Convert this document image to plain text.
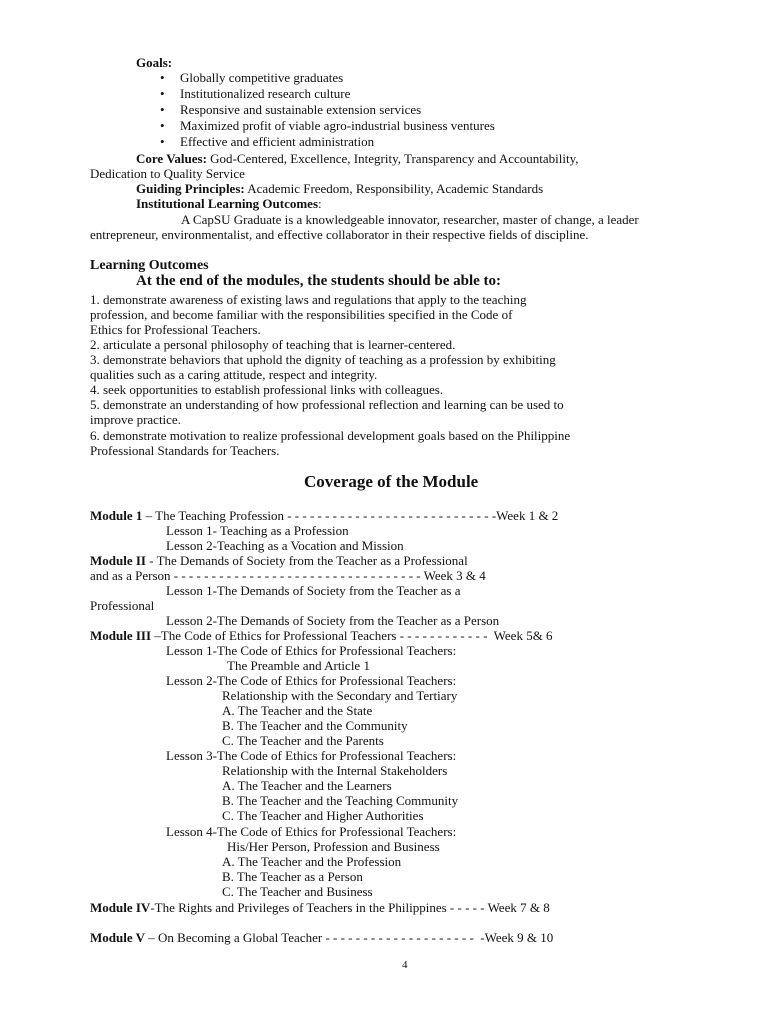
Goals:
• Globally competitive graduates
• Institutionalized research culture
• Responsive and sustainable extension services
• Maximized profit of viable agro-industrial business ventures
• Effective and efficient administration
Core Values: God-Centered, Excellence, Integrity, Transparency and Accountability,
Dedication to Quality Service
Guiding Principles: Academic Freedom, Responsibility, Academic Standards
Institutional Learning Outcomes:
A CapSU Graduate is a knowledgeable innovator, researcher, master of change, a leader
entrepreneur, environmentalist, and effective collaborator in their respective fields of discipline.
Learning Outcomes
At the end of the modules, the students should be able to:
1. demonstrate awareness of existing laws and regulations that apply to the teaching
profession, and become familiar with the responsibilities specified in the Code of
Ethics for Professional Teachers.
2. articulate a personal philosophy of teaching that is learner-centered.
3. demonstrate behaviors that uphold the dignity of teaching as a profession by exhibiting
qualities such as a caring attitude, respect and integrity.
4. seek opportunities to establish professional links with colleagues.
5. demonstrate an understanding of how professional reflection and learning can be used to
improve practice.
6. demonstrate motivation to realize professional development goals based on the Philippine
Professional Standards for Teachers.
Coverage of the Module
Module 1 – The Teaching Profession - - - - - - - - - - - - - - - - - - - - - - - - - - - -Week 1 & 2
Lesson 1- Teaching as a Profession
Lesson 2-Teaching as a Vocation and Mission
Module II - The Demands of Society from the Teacher as a Professional
and as a Person - - - - - - - - - - - - - - - - - - - - - - - - - - - - - - - - - Week 3 & 4
Lesson 1-The Demands of Society from the Teacher as a
Professional
Lesson 2-The Demands of Society from the Teacher as a Person
Module III –The Code of Ethics for Professional Teachers - - - - - - - - - - - -  Week 5& 6
Lesson 1-The Code of Ethics for Professional Teachers:
The Preamble and Article 1
Lesson 2-The Code of Ethics for Professional Teachers:
Relationship with the Secondary and Tertiary
A. The Teacher and the State
B. The Teacher and the Community
C. The Teacher and the Parents
Lesson 3-The Code of Ethics for Professional Teachers:
Relationship with the Internal Stakeholders
A. The Teacher and the Learners
B. The Teacher and the Teaching Community
C. The Teacher and Higher Authorities
Lesson 4-The Code of Ethics for Professional Teachers:
His/Her Person, Profession and Business
A. The Teacher and the Profession
B. The Teacher as a Person
C. The Teacher and Business
Module IV-The Rights and Privileges of Teachers in the Philippines - - - - - Week 7 & 8
Module V – On Becoming a Global Teacher - - - - - - - - - - - - - - - - - - - -  -Week 9 & 10
4
